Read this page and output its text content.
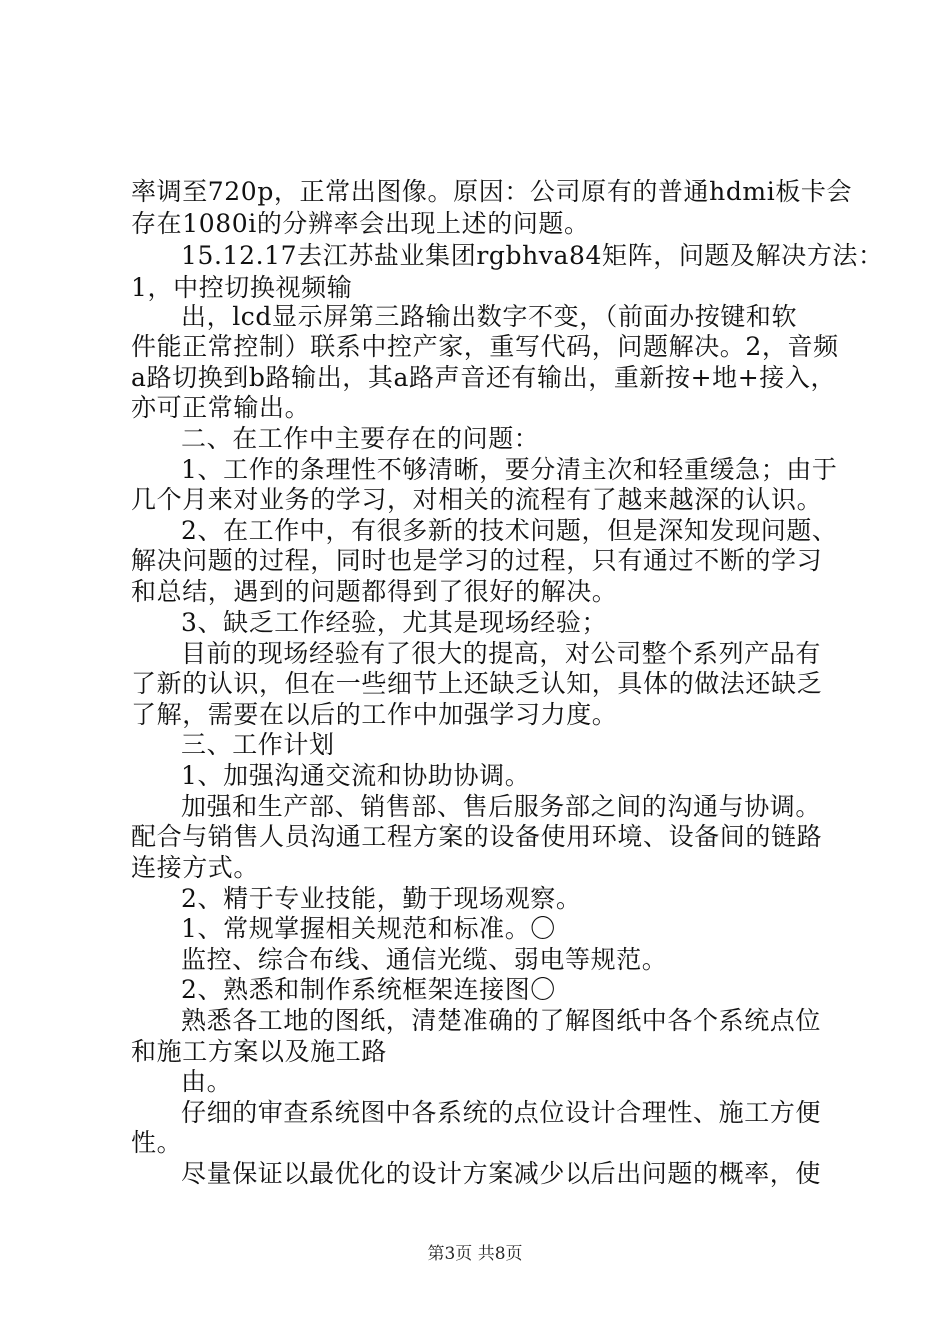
率调至720p，正常出图像。原因：公司原有的普通hdmi板卡会
存在1080i的分辨率会出现上述的问题。
15.12.17去江苏盐业集团rgbhva84矩阵，问题及解决方法：
1，中控切换视频输
出，lcd显示屏第三路输出数字不变，（前面办按键和软
件能正常控制）联系中控产家，重写代码，问题解决。2，音频
a路切换到b路输出，其a路声音还有输出，重新按+地+接入，
亦可正常输出。
二、在工作中主要存在的问题：
1、工作的条理性不够清晰，要分清主次和轻重缓急；由于
几个月来对业务的学习，对相关的流程有了越来越深的认识。
2、在工作中，有很多新的技术问题，但是深知发现问题、
解决问题的过程，同时也是学习的过程，只有通过不断的学习
和总结，遇到的问题都得到了很好的解决。
3、缺乏工作经验，尤其是现场经验；
目前的现场经验有了很大的提高，对公司整个系列产品有
了新的认识，但在一些细节上还缺乏认知，具体的做法还缺乏
了解，需要在以后的工作中加强学习力度。
三、工作计划
1、加强沟通交流和协助协调。
加强和生产部、销售部、售后服务部之间的沟通与协调。
配合与销售人员沟通工程方案的设备使用环境、设备间的链路
连接方式。
2、精于专业技能，勤于现场观察。
1、常规掌握相关规范和标准。〇
监控、综合布线、通信光缆、弱电等规范。
2、熟悉和制作系统框架连接图〇
熟悉各工地的图纸，清楚准确的了解图纸中各个系统点位
和施工方案以及施工路
由。
仔细的审查系统图中各系统的点位设计合理性、施工方便
性。
尽量保证以最优化的设计方案减少以后出问题的概率，使
第3页 共8页
